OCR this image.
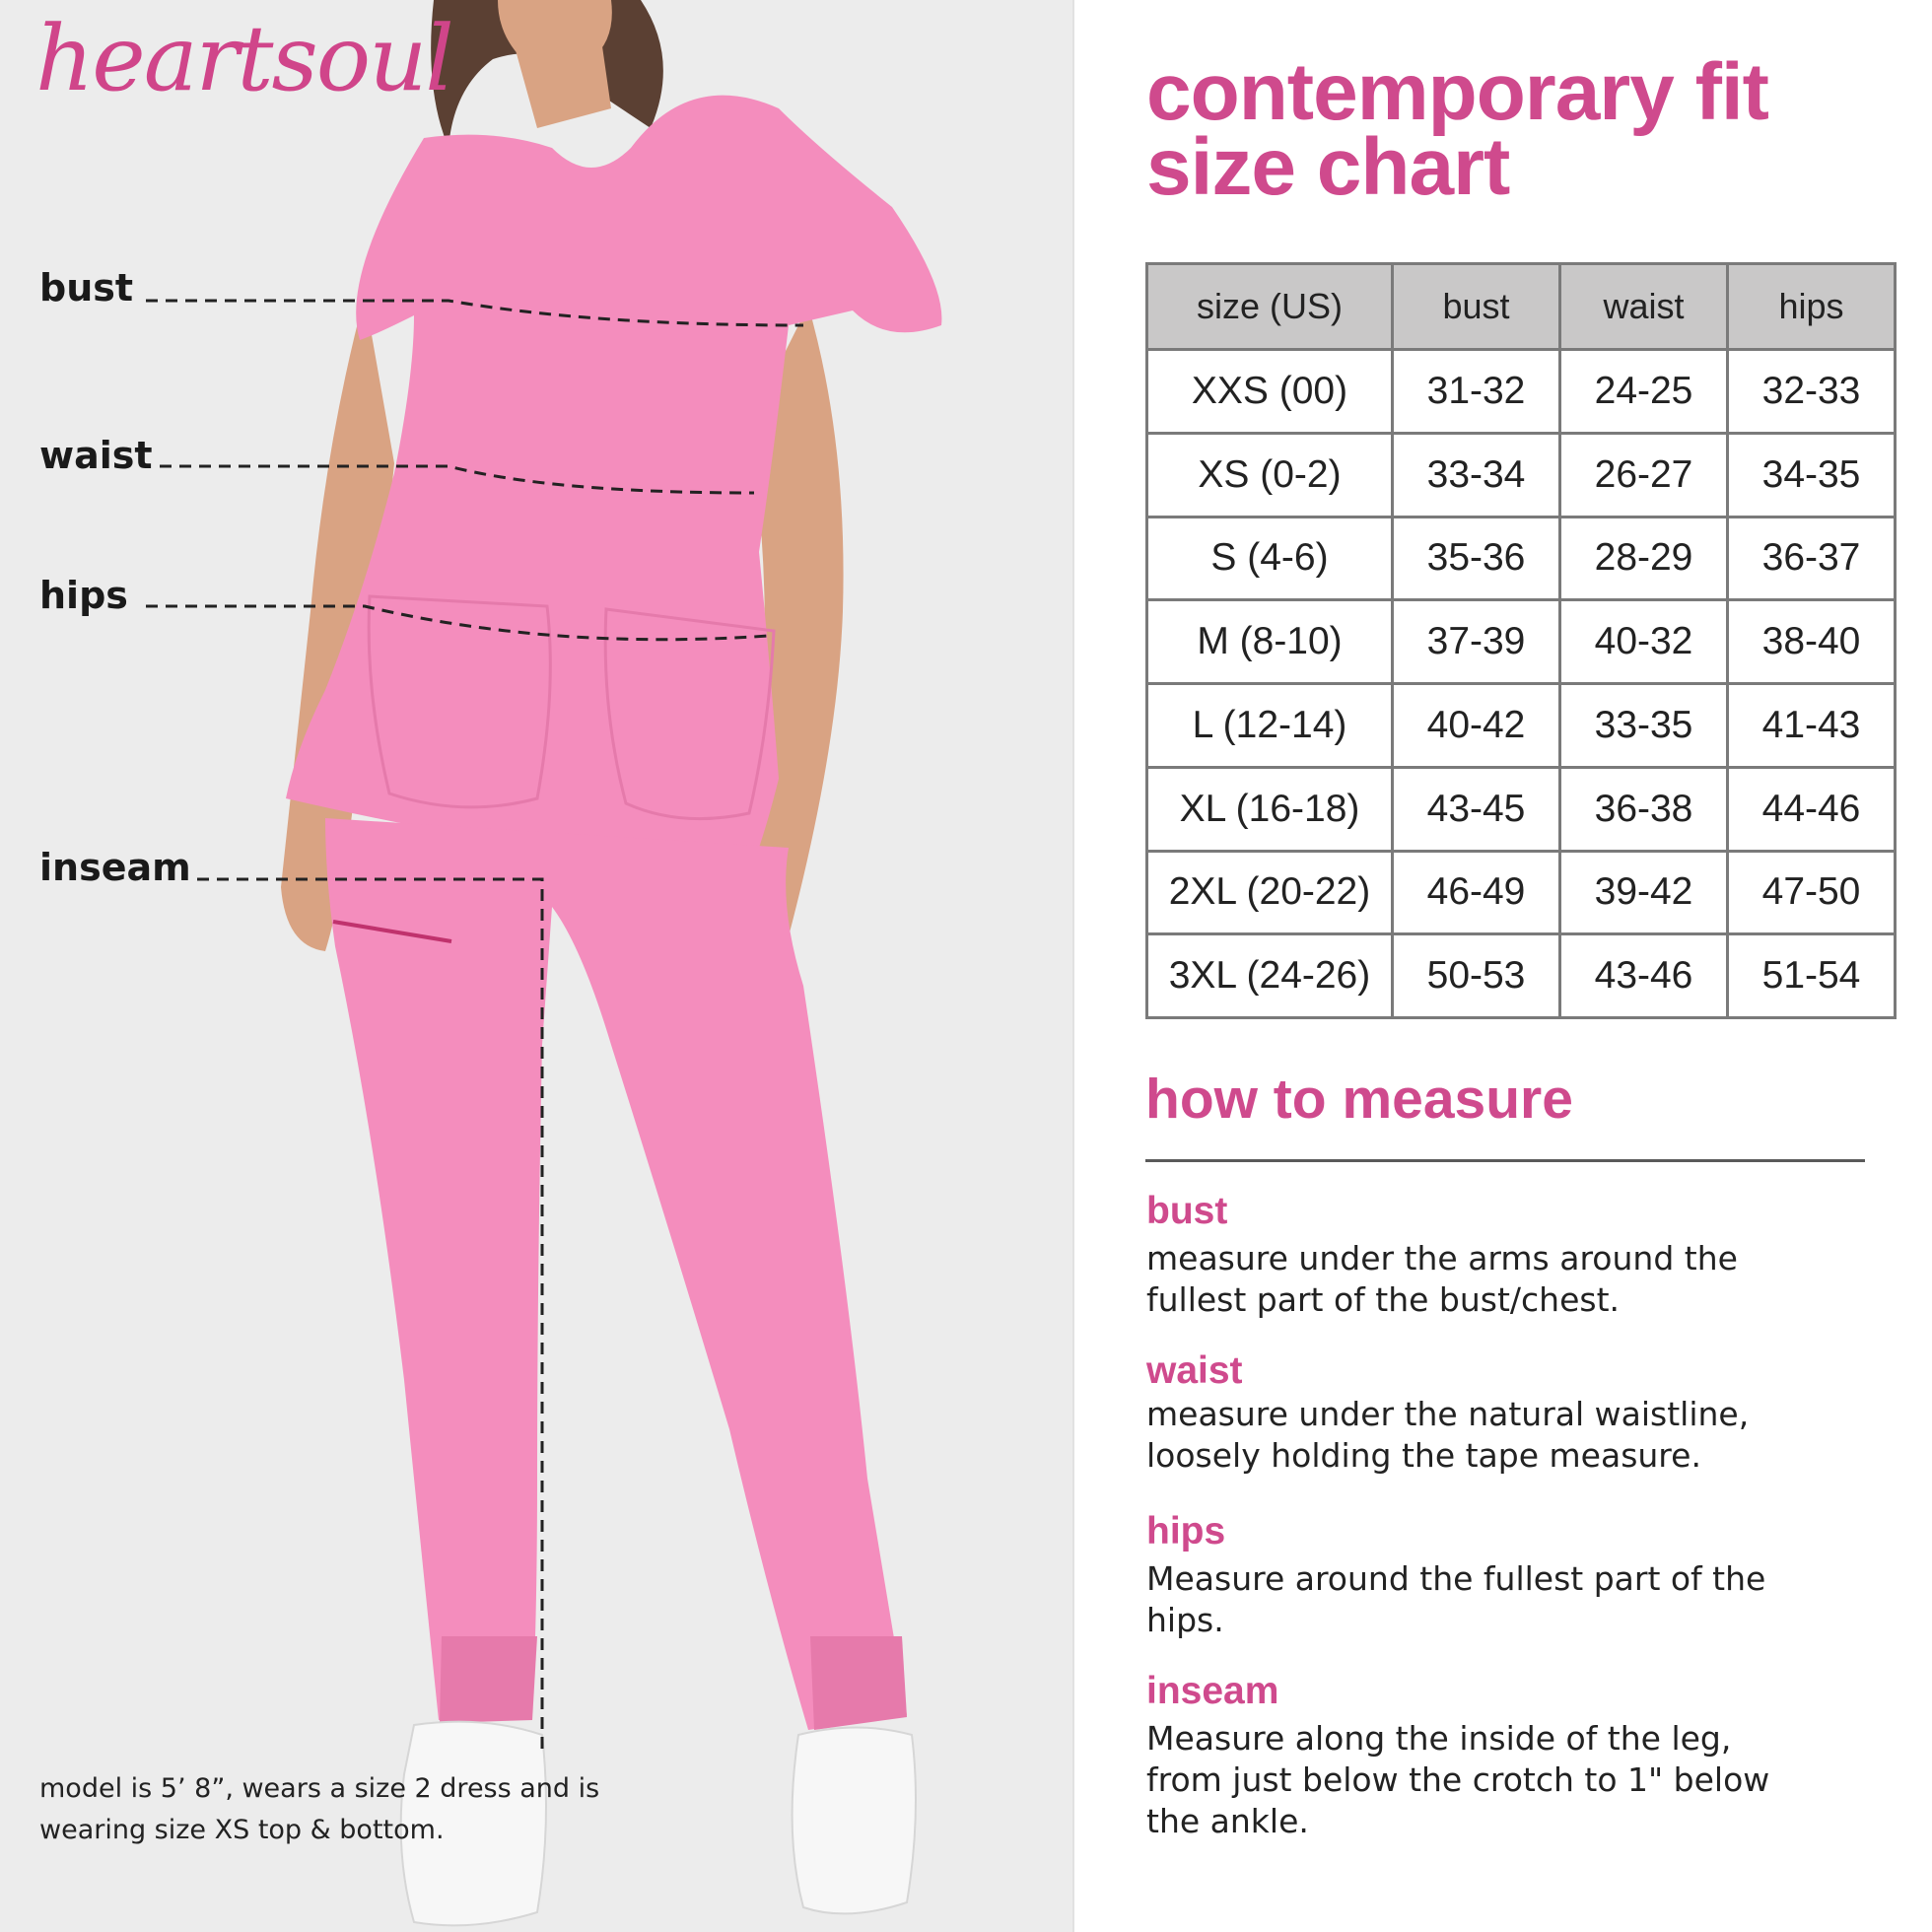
heartsoul
bust
waist
hips
inseam
model is 5’ 8”, wears a size 2 dress and is wearing size XS top & bottom.
contemporary fit
size chart
size (US)	bust	waist	hips
XXS (00)	31-32	24-25	32-33
XS (0-2)	33-34	26-27	34-35
S (4-6)	35-36	28-29	36-37
M (8-10)	37-39	40-32	38-40
L (12-14)	40-42	33-35	41-43
XL (16-18)	43-45	36-38	44-46
2XL (20-22)	46-49	39-42	47-50
3XL (24-26)	50-53	43-46	51-54
how to measure
bust
measure under the arms around the fullest part of the bust/chest.
waist
measure under the natural waistline, loosely holding the tape measure.
hips
Measure around the fullest part of the hips.
inseam
Measure along the inside of the leg, from just below the crotch to 1" below the ankle.
